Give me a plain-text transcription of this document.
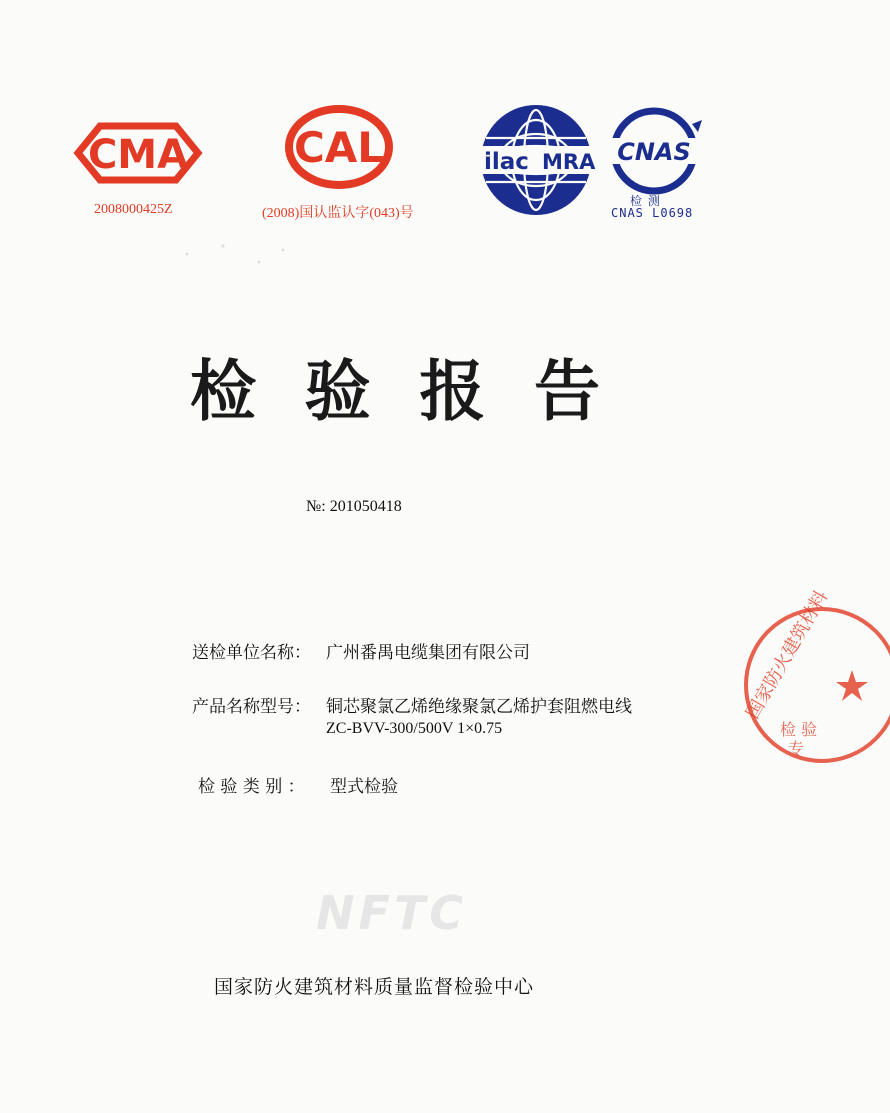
CMA
2008000425Z
CAL
(2008)国认监认字(043)号
ilac MRA CNAS
检 测
CNAS L0698
检 验 报 告
№: 201050418
送检单位名称： 广州番禺电缆集团有限公司
产品名称型号： 铜芯聚氯乙烯绝缘聚氯乙烯护套阻燃电线
ZC-BVV-300/500V 1×0.75
检 验 类 别 ： 型式检验
NFTC
国家防火建筑材料质量监督检验中心
国家防火建筑材料
检 验
专
